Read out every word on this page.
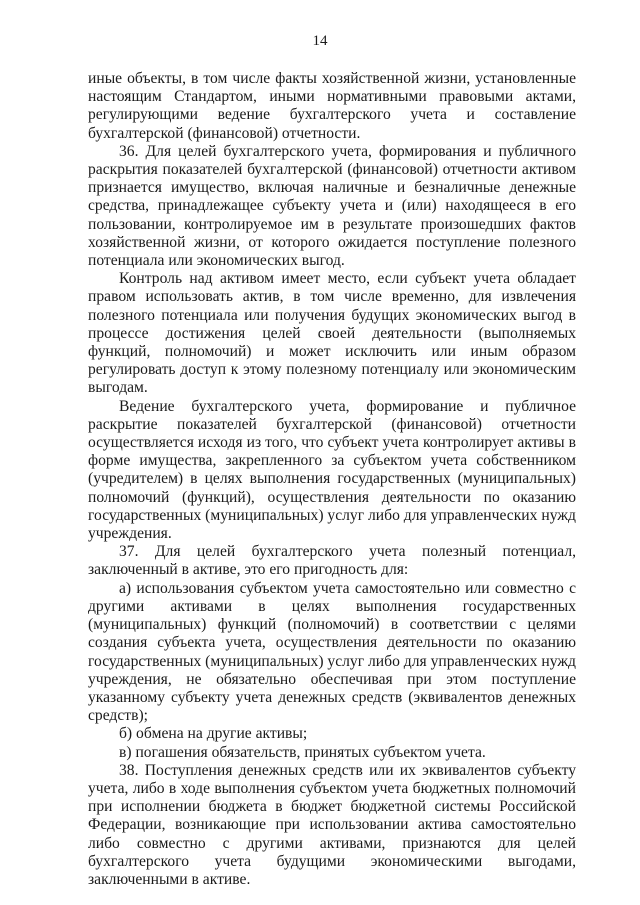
14

иные объекты, в том числе факты хозяйственной жизни, установленные настоящим Стандартом, иными нормативными правовыми актами, регулирующими ведение бухгалтерского учета и составление бухгалтерской (финансовой) отчетности.

36. Для целей бухгалтерского учета, формирования и публичного раскрытия показателей бухгалтерской (финансовой) отчетности активом признается имущество, включая наличные и безналичные денежные средства, принадлежащее субъекту учета и (или) находящееся в его пользовании, контролируемое им в результате произошедших фактов хозяйственной жизни, от которого ожидается поступление полезного потенциала или экономических выгод.

Контроль над активом имеет место, если субъект учета обладает правом использовать актив, в том числе временно, для извлечения полезного потенциала или получения будущих экономических выгод в процессе достижения целей своей деятельности (выполняемых функций, полномочий) и может исключить или иным образом регулировать доступ к этому полезному потенциалу или экономическим выгодам.

Ведение бухгалтерского учета, формирование и публичное раскрытие показателей бухгалтерской (финансовой) отчетности осуществляется исходя из того, что субъект учета контролирует активы в форме имущества, закрепленного за субъектом учета собственником (учредителем) в целях выполнения государственных (муниципальных) полномочий (функций), осуществления деятельности по оказанию государственных (муниципальных) услуг либо для управленческих нужд учреждения.

37. Для целей бухгалтерского учета полезный потенциал, заключенный в активе, это его пригодность для:

а) использования субъектом учета самостоятельно или совместно с другими активами в целях выполнения государственных (муниципальных) функций (полномочий) в соответствии с целями создания субъекта учета, осуществления деятельности по оказанию государственных (муниципальных) услуг либо для управленческих нужд учреждения, не обязательно обеспечивая при этом поступление указанному субъекту учета денежных средств (эквивалентов денежных средств);

б) обмена на другие активы;

в) погашения обязательств, принятых субъектом учета.

38. Поступления денежных средств или их эквивалентов субъекту учета, либо в ходе выполнения субъектом учета бюджетных полномочий при исполнении бюджета в бюджет бюджетной системы Российской Федерации, возникающие при использовании актива самостоятельно либо совместно с другими активами, признаются для целей бухгалтерского учета будущими экономическими выгодами, заключенными в активе.
